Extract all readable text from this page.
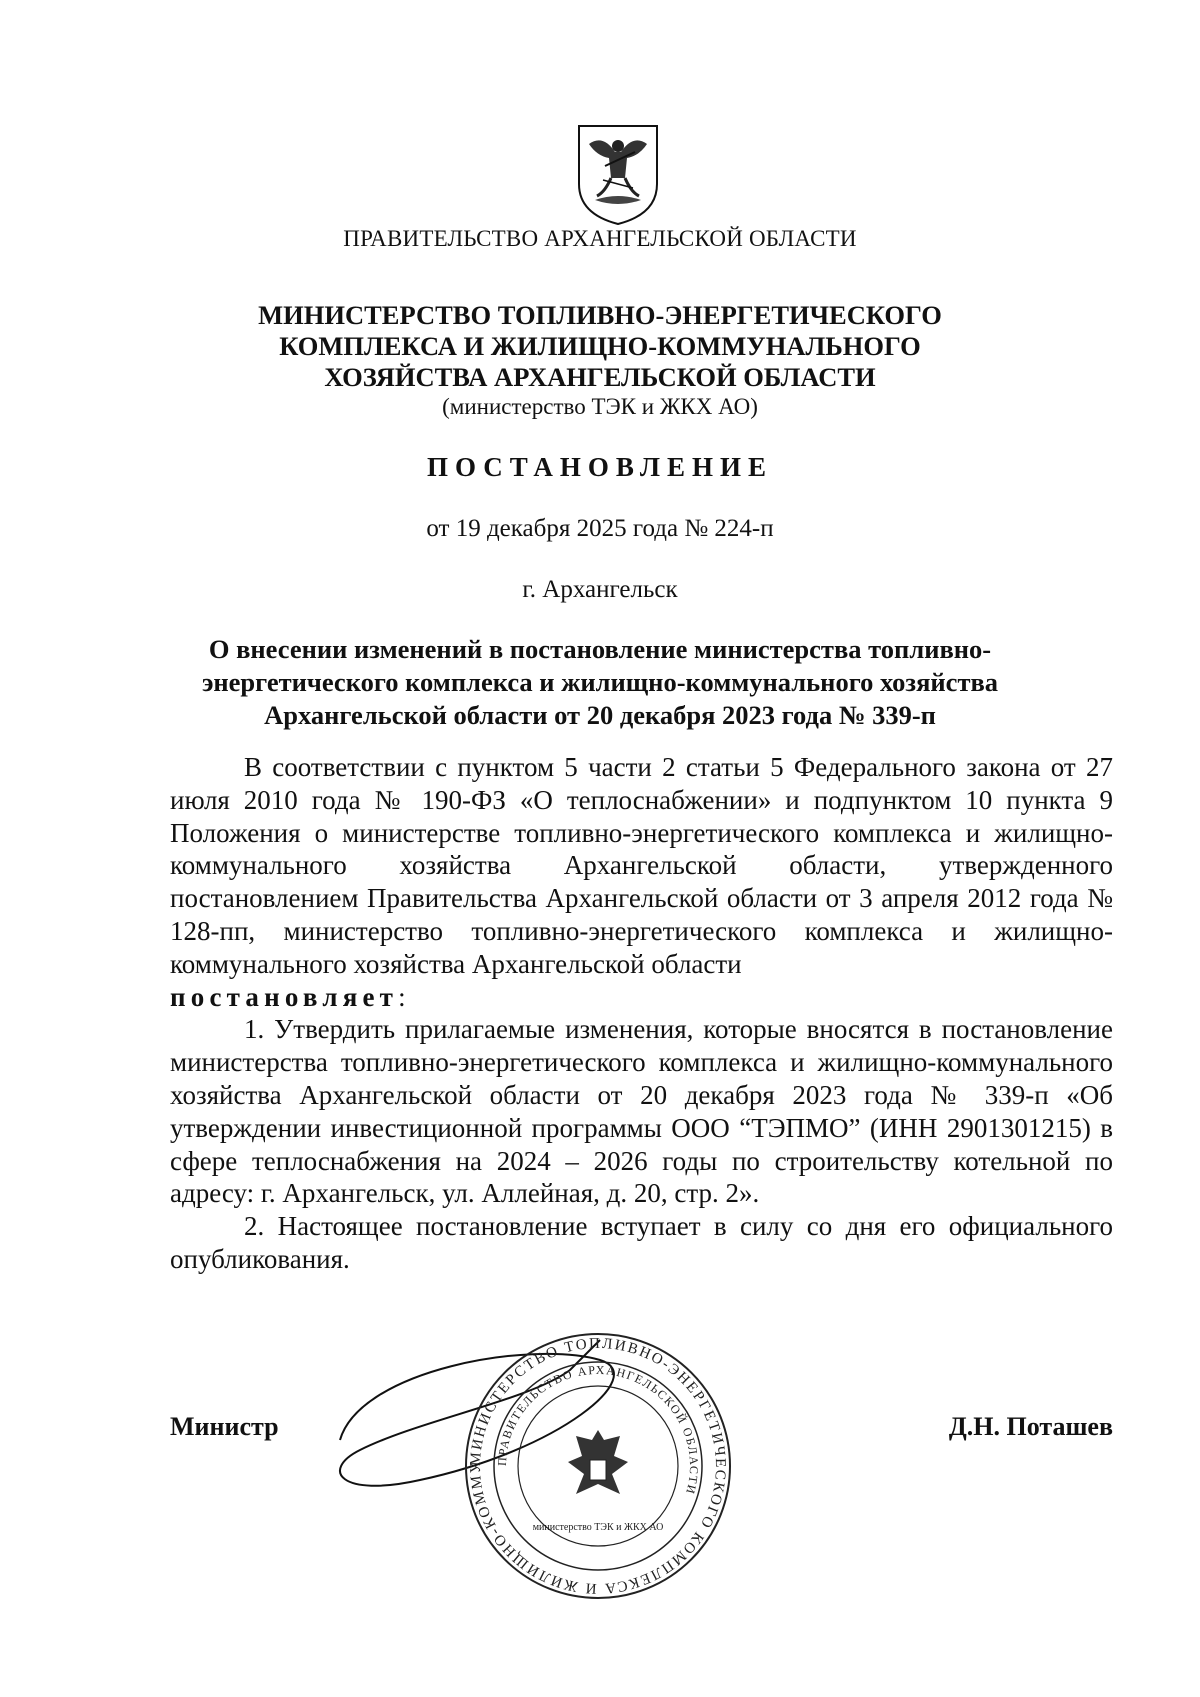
ПРАВИТЕЛЬСТВО АРХАНГЕЛЬСКОЙ ОБЛАСТИ
МИНИСТЕРСТВО ТОПЛИВНО-ЭНЕРГЕТИЧЕСКОГО
КОМПЛЕКСА И ЖИЛИЩНО-КОММУНАЛЬНОГО
ХОЗЯЙСТВА АРХАНГЕЛЬСКОЙ ОБЛАСТИ
(министерство ТЭК и ЖКХ АО)
ПОСТАНОВЛЕНИЕ
от 19 декабря 2025 года № 224-п
г. Архангельск
О внесении изменений в постановление министерства топливно-
энергетического комплекса и жилищно-коммунального хозяйства
Архангельской области от 20 декабря 2023 года № 339-п

В соответствии с пунктом 5 части 2 статьи 5 Федерального закона от 27 июля 2010 года № 190-ФЗ «О теплоснабжении» и подпунктом 10 пункта 9 Положения о министерстве топливно-энергетического комплекса и жилищно-коммунального хозяйства Архангельской области, утвержденного постановлением Правительства Архангельской области от 3 апреля 2012 года № 128-пп, министерство топливно-энергетического комплекса и жилищно-коммунального хозяйства Архангельской области

постановляет:

1. Утвердить прилагаемые изменения, которые вносятся в постановление министерства топливно-энергетического комплекса и жилищно-коммунального хозяйства Архангельской области от 20 декабря 2023 года № 339-п «Об утверждении инвестиционной программы ООО “ТЭПМО” (ИНН 2901301215) в сфере теплоснабжения на 2024 – 2026 годы по строительству котельной по адресу: г. Архангельск, ул. Аллейная, д. 20, стр. 2».

2. Настоящее постановление вступает в силу со дня его официального опубликования.

МИНИСТЕРСТВО ТОПЛИВНО-ЭНЕРГЕТИЧЕСКОГО КОМПЛЕКСА И ЖИЛИЩНО-КОММУ ПРАВИТЕЛЬСТВО АРХАНГЕЛЬСКОЙ ОБЛАСТИ
министерство ТЭК и ЖКХ АО
Министр	Д.Н. Поташев
